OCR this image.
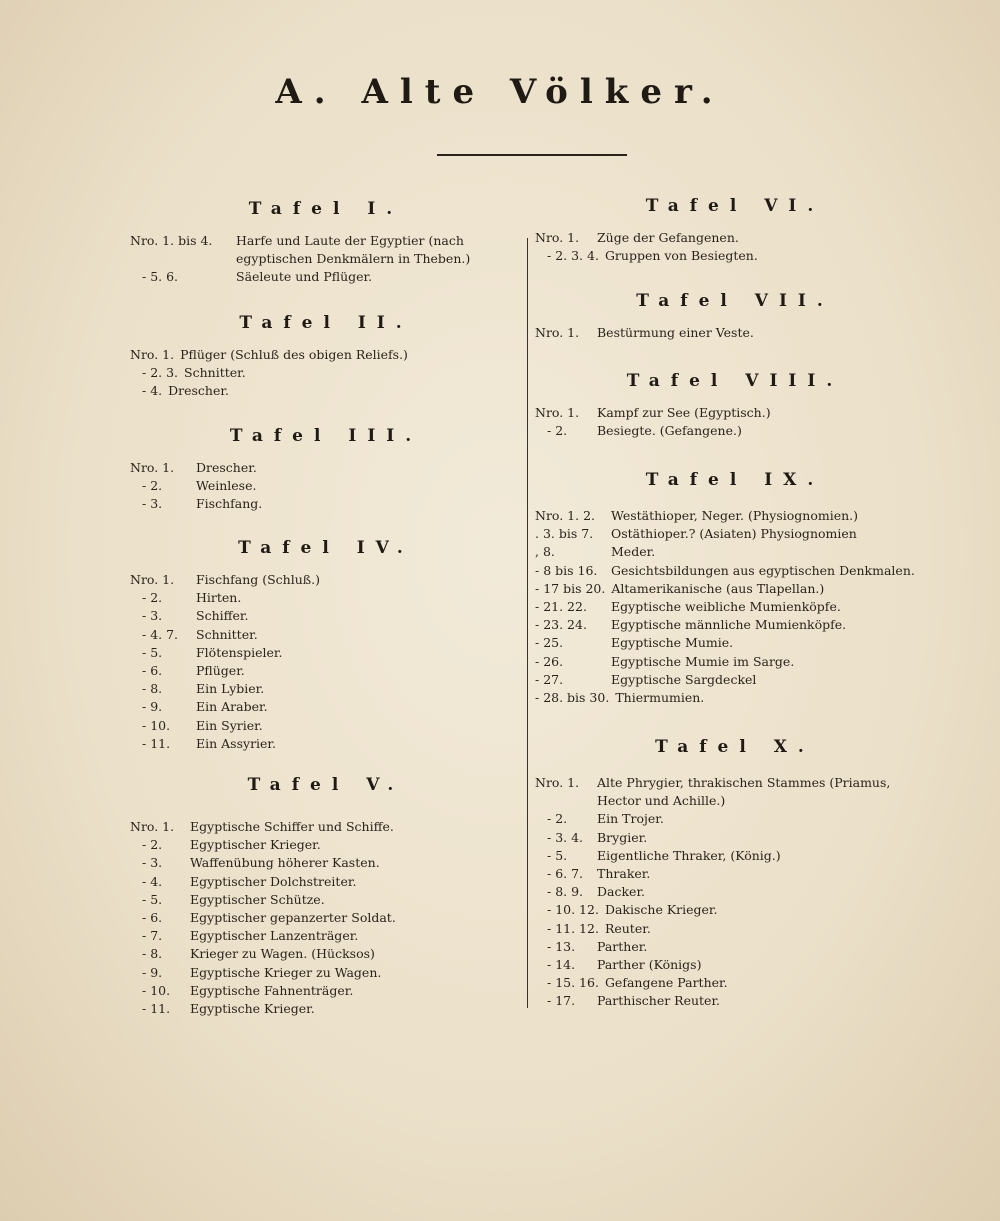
A. Alte Völker.
Tafel I.
Nro. 1. bis 4.	Harfe und Laute der Egyptier (nach egyptischen Denkmälern in Theben.)
- 5. 6.	Säeleute und Pflüger.
Tafel II.
Nro. 1. Pflüger (Schluß des obigen Reliefs.)
- 2. 3. Schnitter.
- 4. Drescher.
Tafel III.
Nro. 1.	Drescher.
- 2.	Weinlese.
- 3.	Fischfang.
Tafel IV.
Nro. 1.	Fischfang (Schluß.)
- 2.	Hirten.
- 3.	Schiffer.
- 4. 7.	Schnitter.
- 5.	Flötenspieler.
- 6.	Pflüger.
- 8.	Ein Lybier.
- 9.	Ein Araber.
- 10.	Ein Syrier.
- 11.	Ein Assyrier.
Tafel V.
Nro. 1.	Egyptische Schiffer und Schiffe.
- 2.	Egyptischer Krieger.
- 3.	Waffenübung höherer Kasten.
- 4.	Egyptischer Dolchstreiter.
- 5.	Egyptischer Schütze.
- 6.	Egyptischer gepanzerter Soldat.
- 7.	Egyptischer Lanzenträger.
- 8.	Krieger zu Wagen. (Hücksos)
- 9.	Egyptische Krieger zu Wagen.
- 10.	Egyptische Fahnenträger.
- 11.	Egyptische Krieger.
Tafel VI.
Nro. 1.	Züge der Gefangenen.
- 2. 3. 4. Gruppen von Besiegten.
Tafel VII.
Nro. 1.	Bestürmung einer Veste.
Tafel VIII.
Nro. 1.	Kampf zur See (Egyptisch.)
- 2.	Besiegte. (Gefangene.)
Tafel IX.
Nro. 1. 2.	Westäthioper, Neger. (Physiognomien.)
. 3. bis 7.	Ostäthioper.? (Asiaten) Physiognomien
, 8.	Meder.
- 8 bis 16.	Gesichtsbildungen aus egyptischen Denkmalen.
- 17 bis 20. Altamerikanische (aus Tlapellan.)
- 21. 22.	Egyptische weibliche Mumienköpfe.
- 23. 24.	Egyptische männliche Mumienköpfe.
- 25.	Egyptische Mumie.
- 26.	Egyptische Mumie im Sarge.
- 27.	Egyptische Sargdeckel
- 28. bis 30. Thiermumien.
Tafel X.
Nro. 1.	Alte Phrygier, thrakischen Stammes (Priamus, Hector und Achille.)
- 2.	Ein Trojer.
- 3. 4.	Brygier.
- 5.	Eigentliche Thraker, (König.)
- 6. 7.	Thraker.
- 8. 9.	Dacker.
- 10. 12. Dakische Krieger.
- 11. 12. Reuter.
- 13.	Parther.
- 14.	Parther (Königs)
- 15. 16. Gefangene Parther.
- 17.	Parthischer Reuter.
